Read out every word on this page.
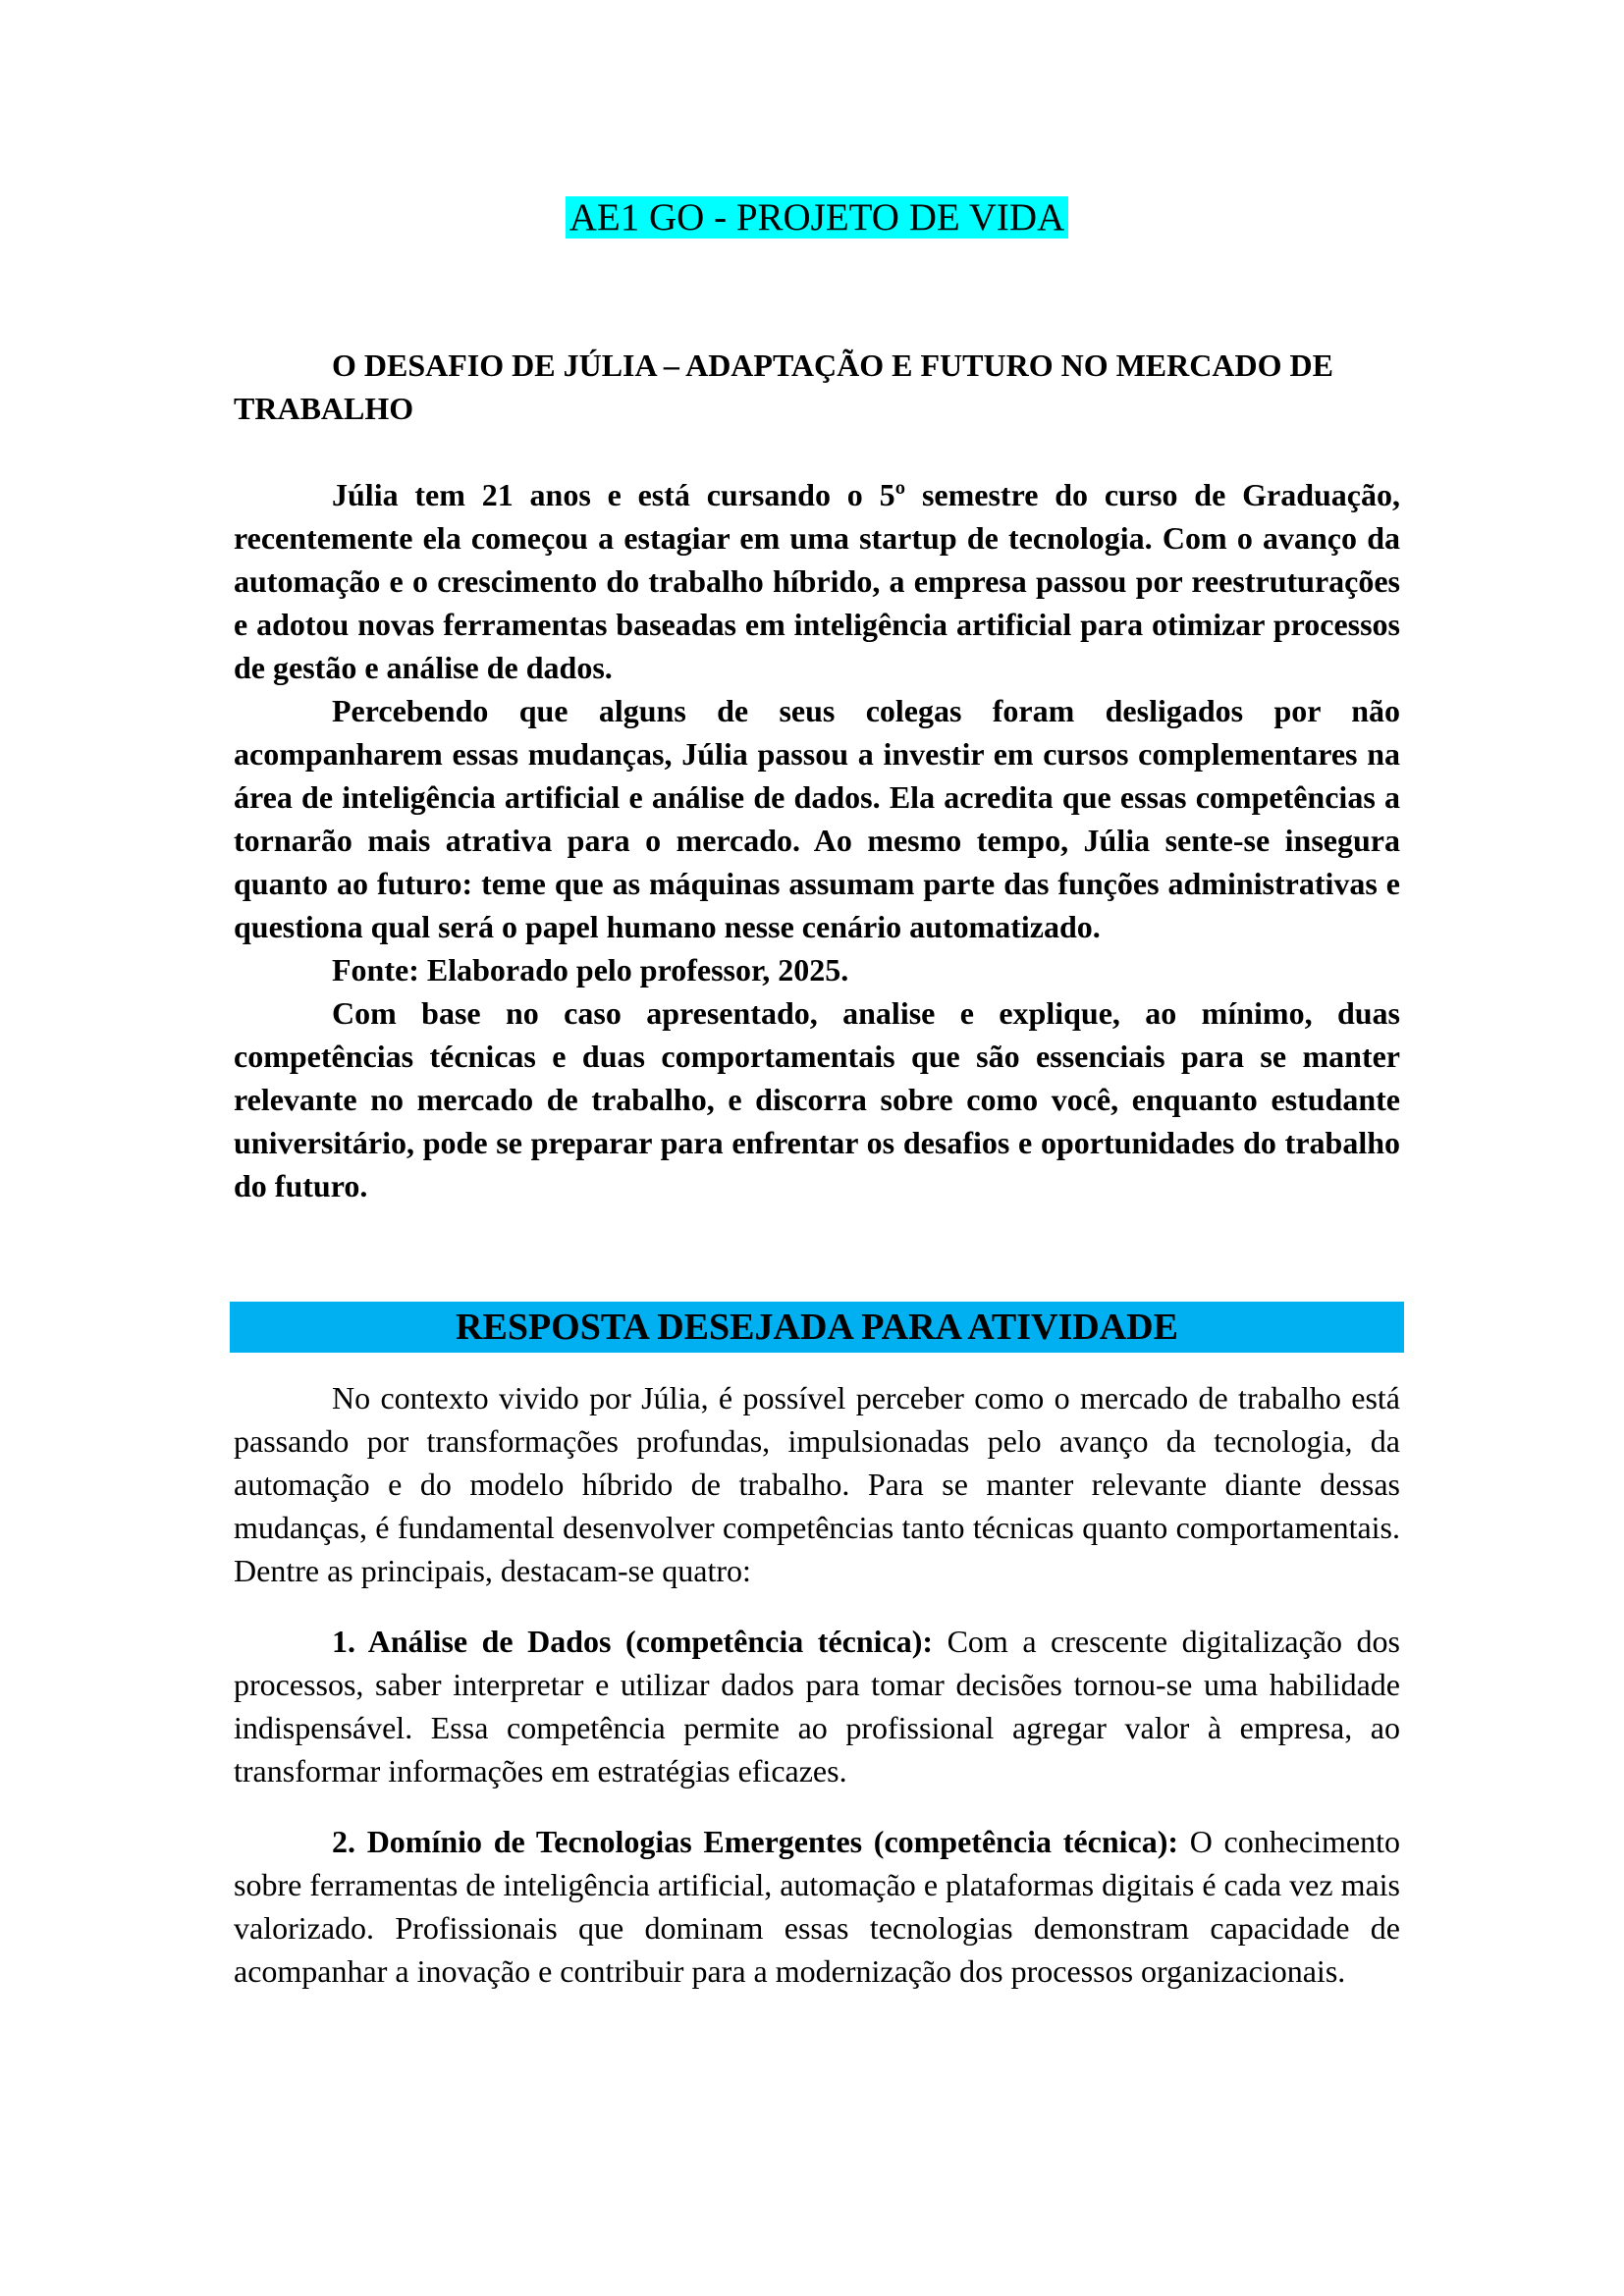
AE1 GO - PROJETO DE VIDA

O DESAFIO DE JÚLIA – ADAPTAÇÃO E FUTURO NO MERCADO DE TRABALHO

Júlia tem 21 anos e está cursando o 5º semestre do curso de Graduação, recentemente ela começou a estagiar em uma startup de tecnologia. Com o avanço da automação e o crescimento do trabalho híbrido, a empresa passou por reestruturações e adotou novas ferramentas baseadas em inteligência artificial para otimizar processos de gestão e análise de dados.

Percebendo que alguns de seus colegas foram desligados por não acompanharem essas mudanças, Júlia passou a investir em cursos complementares na área de inteligência artificial e análise de dados. Ela acredita que essas competências a tornarão mais atrativa para o mercado. Ao mesmo tempo, Júlia sente-se insegura quanto ao futuro: teme que as máquinas assumam parte das funções administrativas e questiona qual será o papel humano nesse cenário automatizado.

Fonte: Elaborado pelo professor, 2025.

Com base no caso apresentado, analise e explique, ao mínimo, duas competências técnicas e duas comportamentais que são essenciais para se manter relevante no mercado de trabalho, e discorra sobre como você, enquanto estudante universitário, pode se preparar para enfrentar os desafios e oportunidades do trabalho do futuro.

RESPOSTA DESEJADA PARA ATIVIDADE

No contexto vivido por Júlia, é possível perceber como o mercado de trabalho está passando por transformações profundas, impulsionadas pelo avanço da tecnologia, da automação e do modelo híbrido de trabalho. Para se manter relevante diante dessas mudanças, é fundamental desenvolver competências tanto técnicas quanto comportamentais. Dentre as principais, destacam-se quatro:

1. Análise de Dados (competência técnica): Com a crescente digitalização dos processos, saber interpretar e utilizar dados para tomar decisões tornou-se uma habilidade indispensável. Essa competência permite ao profissional agregar valor à empresa, ao transformar informações em estratégias eficazes.

2. Domínio de Tecnologias Emergentes (competência técnica): O conhecimento sobre ferramentas de inteligência artificial, automação e plataformas digitais é cada vez mais valorizado. Profissionais que dominam essas tecnologias demonstram capacidade de acompanhar a inovação e contribuir para a modernização dos processos organizacionais.
